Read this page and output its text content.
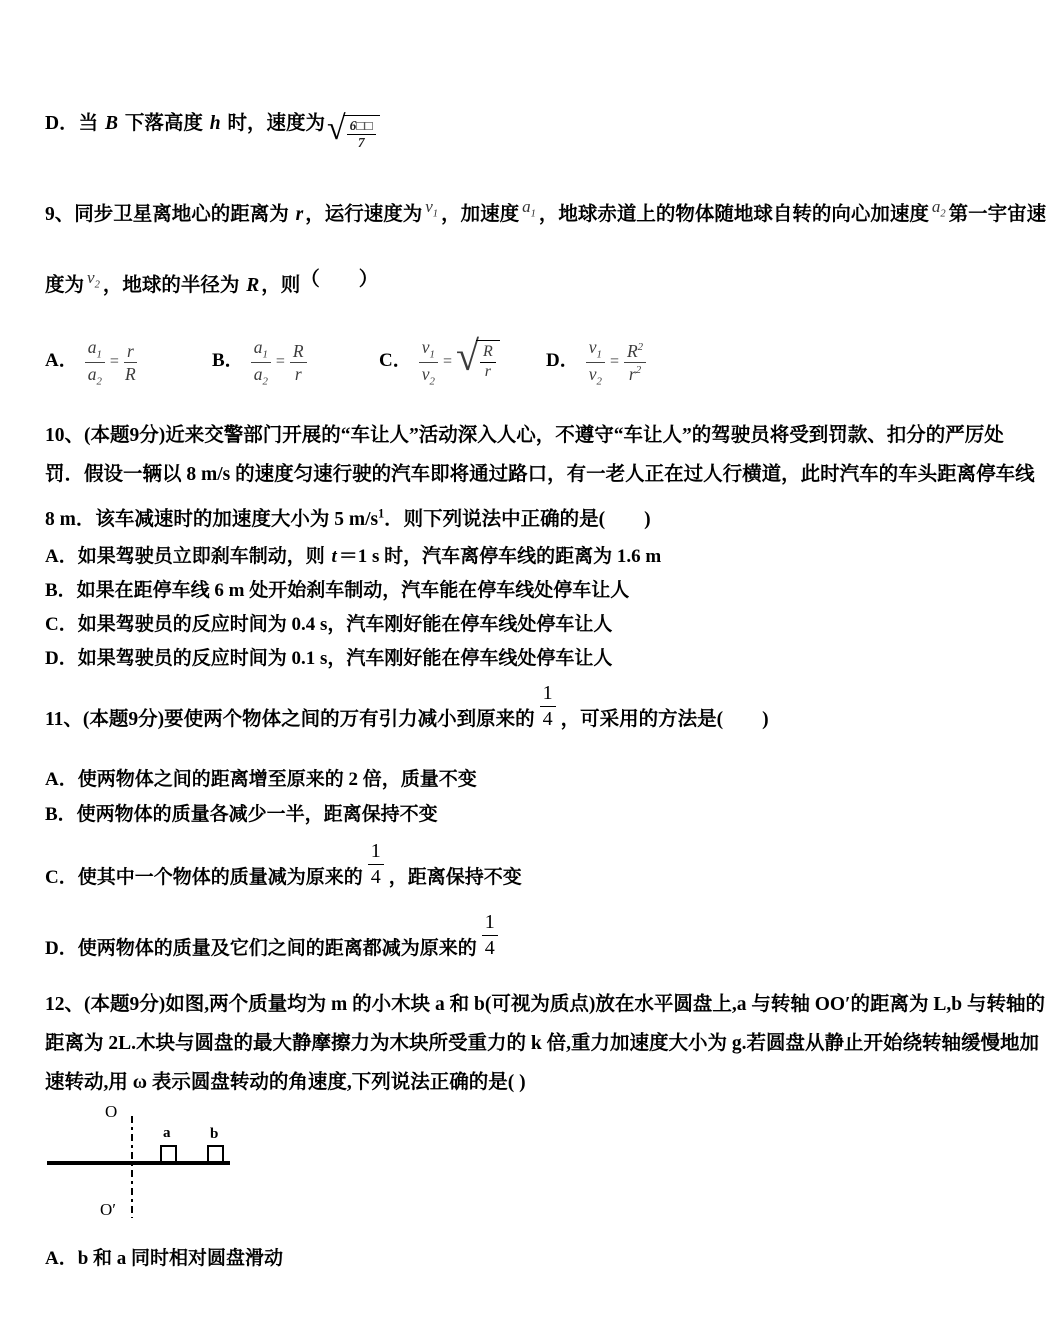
D．当 B 下落高度 h 时，速度为 √ 6□□
7
9、同步卫星离地心的距离为 r ，运行速度为 $v_1$ ，加速度 $a_1$ ，地球赤道上的物体随地球自转的向心加速度 $a_2$ 第一宇宙速
度为 $v_2$ ，地球的半径为 R ，则（　　）
A． $\frac{a_1}{a_2} = \frac{r}{R}$	B． $\frac{a_1}{a_2} = \frac{R}{r}$	C． $\frac{v_1}{v_2}$ = √ R
r	D． $\frac{v_1}{v_2} = \frac{R^2}{r^2}$
10、(本题9分)近来交警部门开展的“车让人”活动深入人心，不遵守“车让人”的驾驶员将受到罚款、扣分的严厉处
罚．假设一辆以 8 m/s 的速度匀速行驶的汽车即将通过路口，有一老人正在过人行横道，此时汽车的车头距离停车线
8 m．该车减速时的加速度大小为 5 $m/s^1$．则下列说法中正确的是(　　)
A．如果驾驶员立即刹车制动，则 t ＝1 s 时，汽车离停车线的距离为 1.6 m
B．如果在距停车线 6 m 处开始刹车制动，汽车能在停车线处停车让人
C．如果驾驶员的反应时间为 0.4 s，汽车刚好能在停车线处停车让人
D．如果驾驶员的反应时间为 0.1 s，汽车刚好能在停车线处停车让人
11、(本题9分)要使两个物体之间的万有引力减小到原来的 $\frac{1}{4}$ ，可采用的方法是(　　)
A．使两物体之间的距离增至原来的 2 倍，质量不变
B．使两物体的质量各减少一半，距离保持不变
C．使其中一个物体的质量减为原来的 $\frac{1}{4}$ ，距离保持不变
D．使两物体的质量及它们之间的距离都减为原来的 $\frac{1}{4}$
12、(本题9分)如图,两个质量均为 m 的小木块 a 和 b(可视为质点)放在水平圆盘上,a 与转轴 OO′的距离为 L,b 与转轴的
距离为 2L.木块与圆盘的最大静摩擦力为木块所受重力的 k 倍,重力加速度大小为 g.若圆盘从静止开始绕转轴缓慢地加
速转动,用 ω 表示圆盘转动的角速度,下列说法正确的是( )
O
O′
a	b
A．b 和 a 同时相对圆盘滑动
